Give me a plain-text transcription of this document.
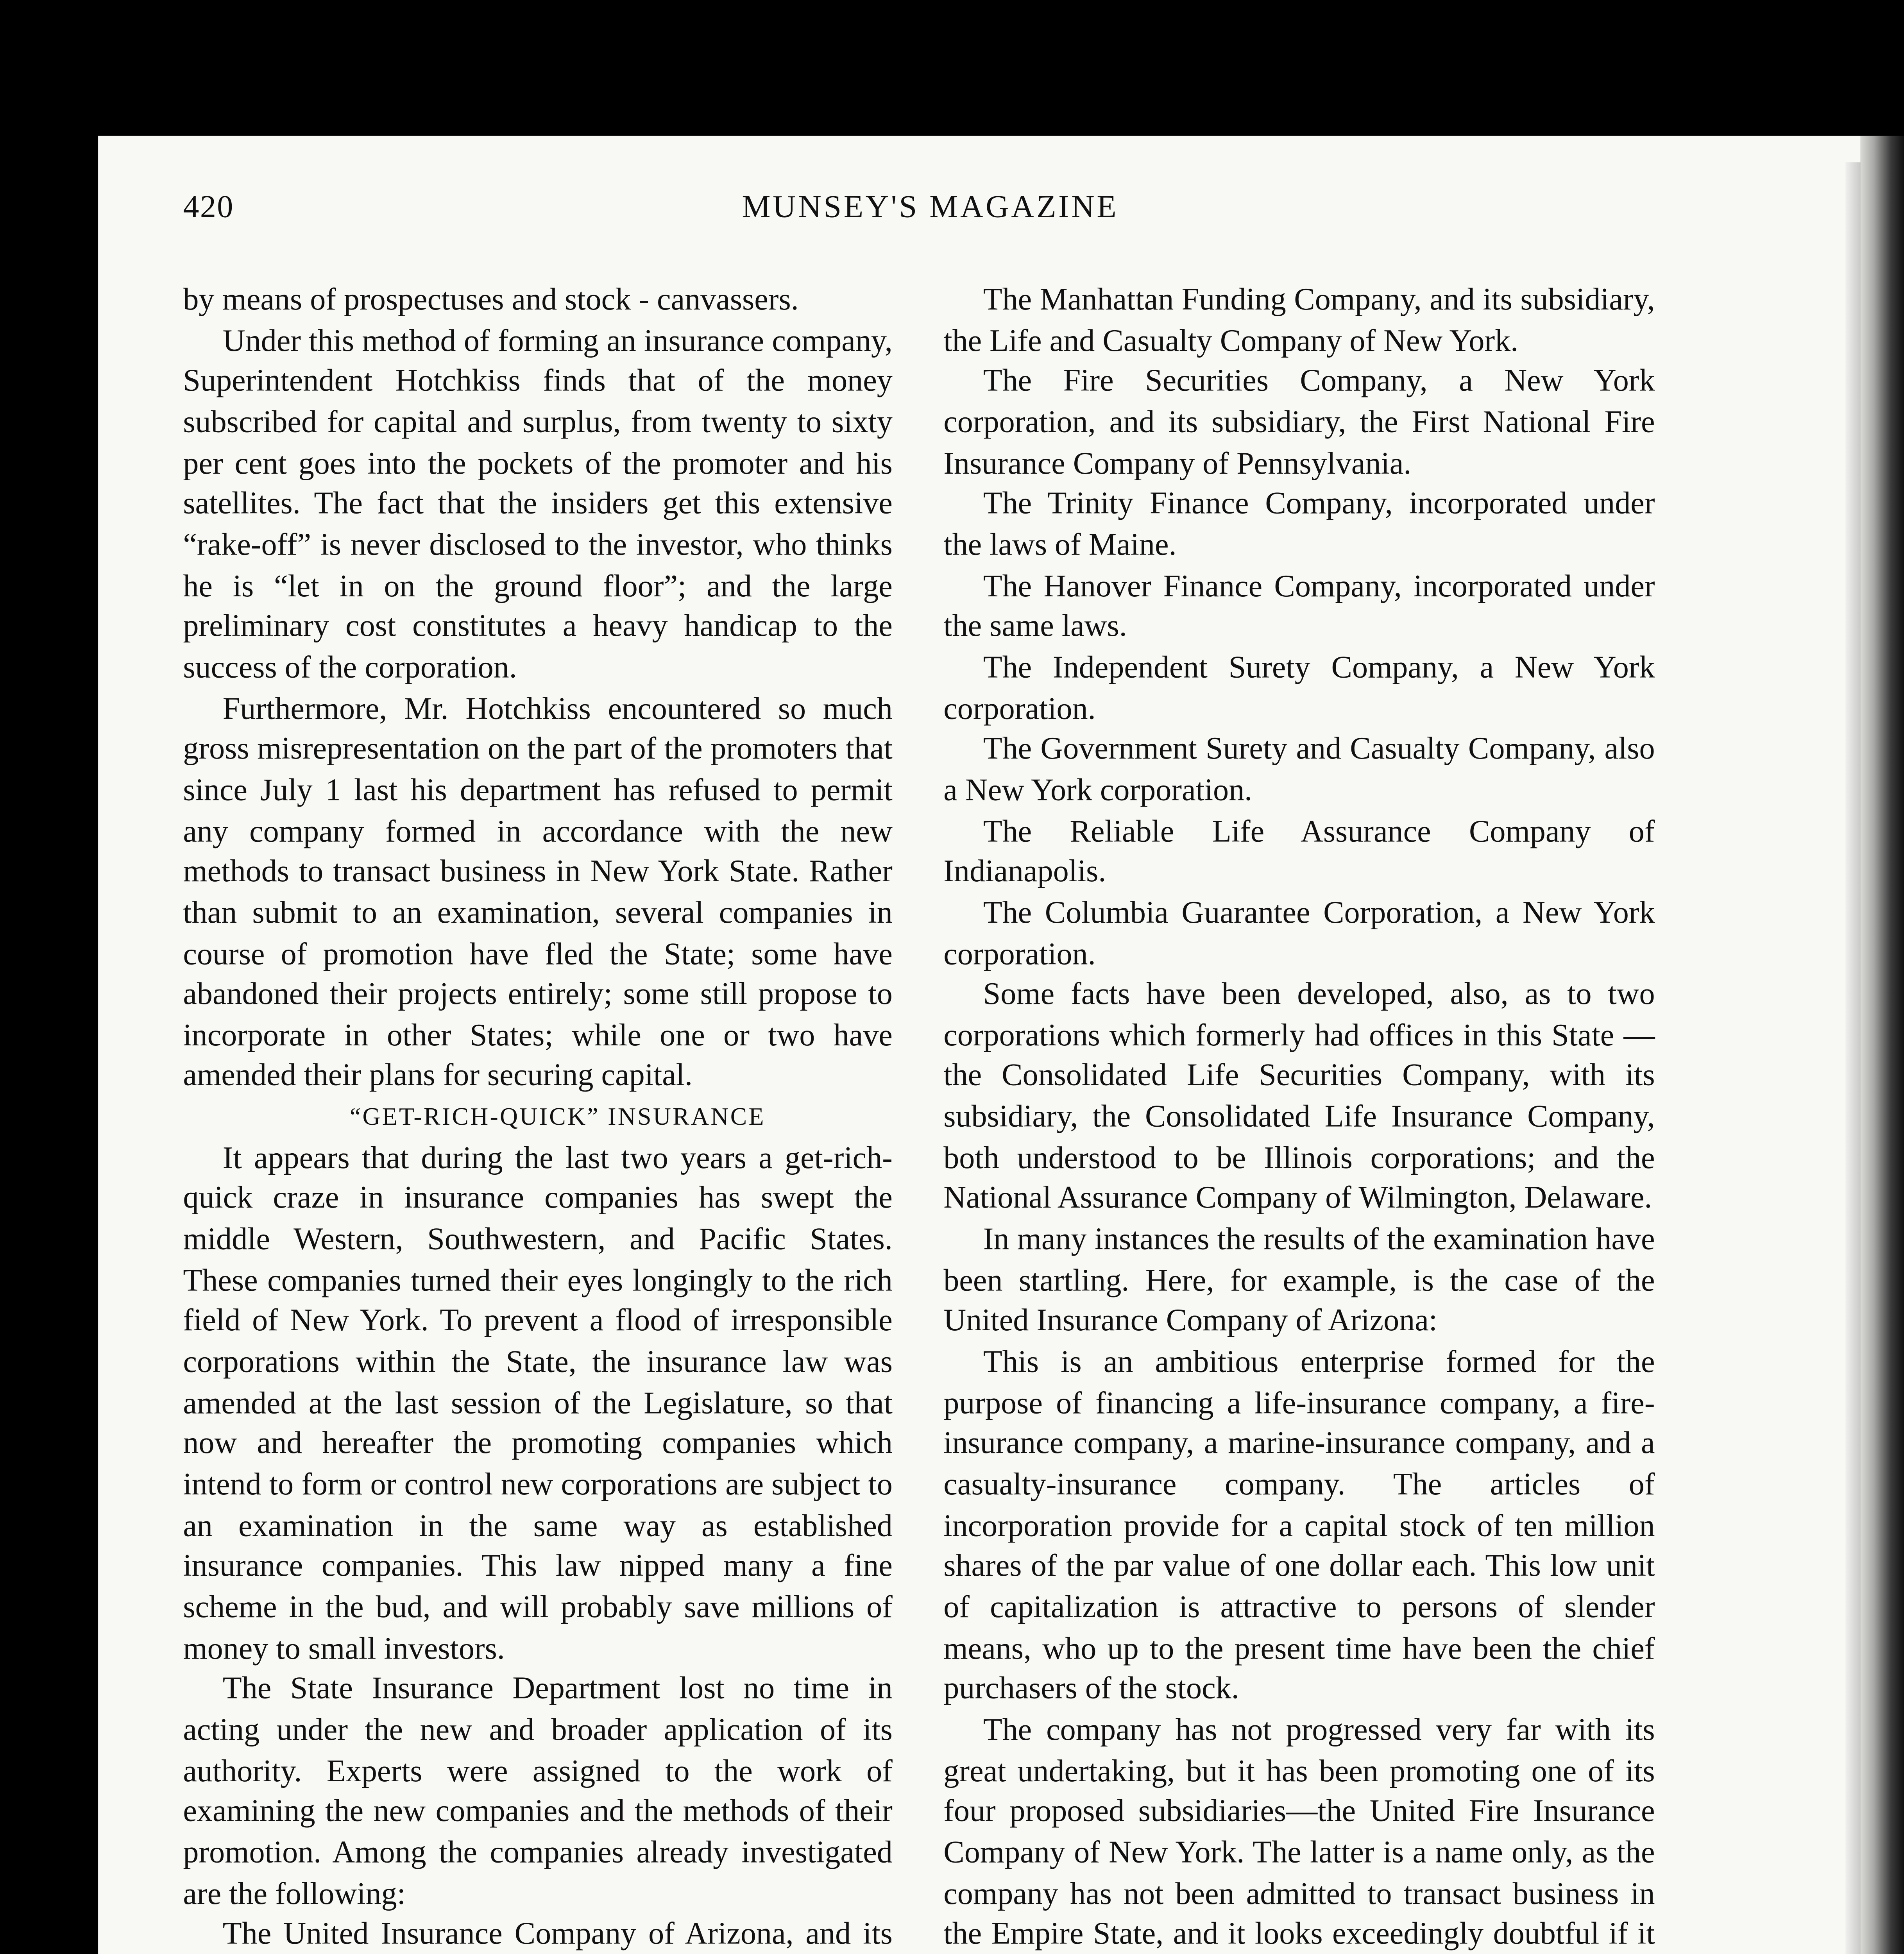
420	MUNSEY'S MAGAZINE

by means of prospectuses and stock - canvassers.

Under this method of forming an insurance company, Superintendent Hotchkiss finds that of the money subscribed for capital and surplus, from twenty to sixty per cent goes into the pockets of the promoter and his satellites. The fact that the insiders get this extensive “rake-off” is never disclosed to the investor, who thinks he is “let in on the ground floor”; and the large preliminary cost constitutes a heavy handicap to the success of the corporation.

Furthermore, Mr. Hotchkiss encountered so much gross misrepresentation on the part of the promoters that since July 1 last his department has refused to permit any company formed in accordance with the new methods to transact business in New York State. Rather than submit to an examination, several companies in course of promotion have fled the State; some have abandoned their projects entirely; some still propose to incorporate in other States; while one or two have amended their plans for securing capital.

“GET-RICH-QUICK” INSURANCE

It appears that during the last two years a get-rich-quick craze in insurance companies has swept the middle Western, Southwestern, and Pacific States. These companies turned their eyes longingly to the rich field of New York. To prevent a flood of irresponsible corporations within the State, the insurance law was amended at the last session of the Legislature, so that now and hereafter the promoting companies which intend to form or control new corporations are subject to an examination in the same way as established insurance companies. This law nipped many a fine scheme in the bud, and will probably save millions of money to small investors.

The State Insurance Department lost no time in acting under the new and broader application of its authority. Experts were assigned to the work of examining the new companies and the methods of their promotion. Among the companies already investigated are the following:

The United Insurance Company of Arizona, and its

The Manhattan Funding Company, and its subsidiary, the Life and Casualty Company of New York.

The Fire Securities Company, a New York corporation, and its subsidiary, the First National Fire Insurance Company of Pennsylvania.

The Trinity Finance Company, incorporated under the laws of Maine.

The Hanover Finance Company, incorporated under the same laws.

The Independent Surety Company, a New York corporation.

The Government Surety and Casualty Company, also a New York corporation.

The Reliable Life Assurance Company of Indianapolis.

The Columbia Guarantee Corporation, a New York corporation.

Some facts have been developed, also, as to two corporations which formerly had offices in this State — the Consolidated Life Securities Company, with its subsidiary, the Consolidated Life Insurance Company, both understood to be Illinois corporations; and the National Assurance Company of Wilmington, Delaware.

In many instances the results of the examination have been startling. Here, for example, is the case of the United Insurance Company of Arizona:

This is an ambitious enterprise formed for the purpose of financing a life-insurance company, a fire-insurance company, a marine-insurance company, and a casualty-insurance company. The articles of incorporation provide for a capital stock of ten million shares of the par value of one dollar each. This low unit of capitalization is attractive to persons of slender means, who up to the present time have been the chief purchasers of the stock.

The company has not progressed very far with its great undertaking, but it has been promoting one of its four proposed subsidiaries—the United Fire Insurance Company of New York. The latter is a name only, as the company has not been admitted to transact business in the Empire State, and it looks exceedingly doubtful if it
